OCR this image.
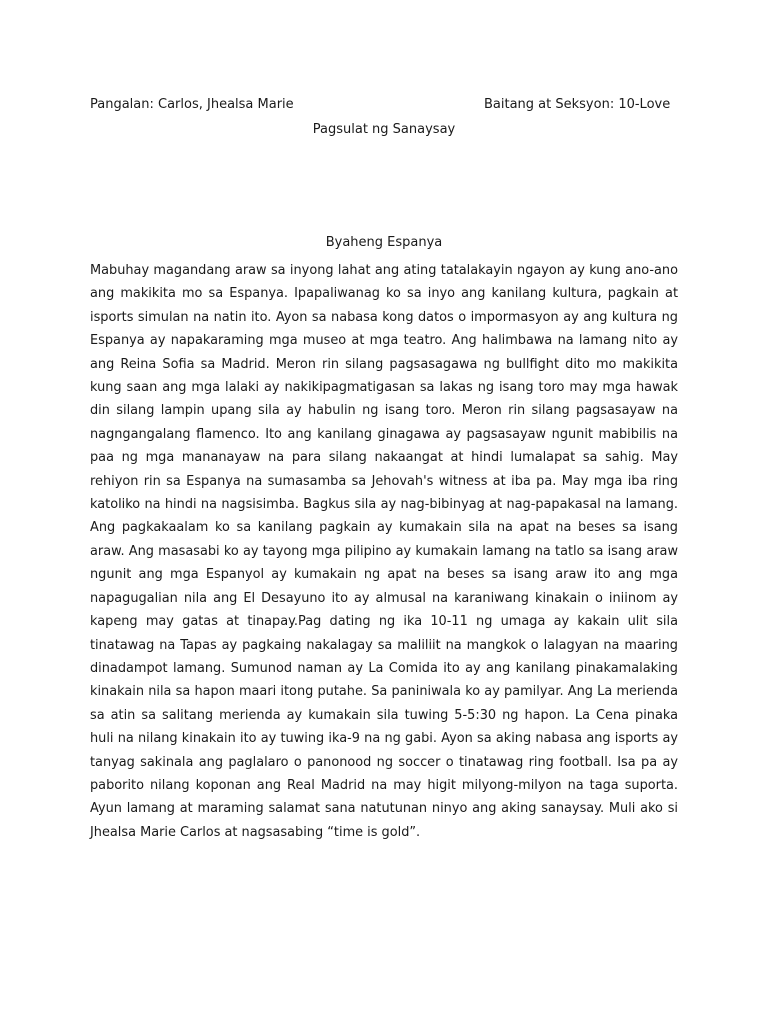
Pangalan: Carlos, Jhealsa Marie	Baitang at Seksyon: 10-Love
Pagsulat ng Sanaysay
Byaheng Espanya

Mabuhay magandang araw sa inyong lahat ang ating tatalakayin ngayon ay kung ano-ano ang makikita mo sa Espanya. Ipapaliwanag ko sa inyo ang kanilang kultura, pagkain at isports simulan na natin ito. Ayon sa nabasa kong datos o impormasyon ay ang kultura ng Espanya ay napakaraming mga museo at mga teatro. Ang halimbawa na lamang nito ay ang Reina Sofia sa Madrid. Meron rin silang pagsasagawa ng bullfight dito mo makikita kung saan ang mga lalaki ay nakikipagmatigasan sa lakas ng isang toro may mga hawak din silang lampin upang sila ay habulin ng isang toro. Meron rin silang pagsasayaw na nagngangalang flamenco. Ito ang kanilang ginagawa ay pagsasayaw ngunit mabibilis na paa ng mga mananayaw na para silang nakaangat at hindi lumalapat sa sahig. May rehiyon rin sa Espanya na sumasamba sa Jehovah's witness at iba pa. May mga iba ring katoliko na hindi na nagsisimba. Bagkus sila ay nag-bibinyag at nag-papakasal na lamang. Ang pagkakaalam ko sa kanilang pagkain ay kumakain sila na apat na beses sa isang araw. Ang masasabi ko ay tayong mga pilipino ay kumakain lamang na tatlo sa isang araw ngunit ang mga Espanyol ay kumakain ng apat na beses sa isang araw ito ang mga napagugalian nila ang El Desayuno ito ay almusal na karaniwang kinakain o iniinom ay kapeng may gatas at tinapay.Pag dating ng ika 10-11 ng umaga ay kakain ulit sila tinatawag na Tapas ay pagkaing nakalagay sa maliliit na mangkok o lalagyan na maaring dinadampot lamang. Sumunod naman ay La Comida ito ay ang kanilang pinakamalaking kinakain nila sa hapon maari itong putahe. Sa paniniwala ko ay pamilyar. Ang La merienda sa atin sa salitang merienda ay kumakain sila tuwing 5-5:30 ng hapon. La Cena pinaka huli na nilang kinakain ito ay tuwing ika-9 na ng gabi. Ayon sa aking nabasa ang isports ay tanyag sakinala ang paglalaro o panonood ng soccer o tinatawag ring football. Isa pa ay paborito nilang koponan ang Real Madrid na may higit milyong-milyon na taga suporta. Ayun lamang at maraming salamat sana natutunan ninyo ang aking sanaysay. Muli ako si Jhealsa Marie Carlos at nagsasabing “time is gold”.
